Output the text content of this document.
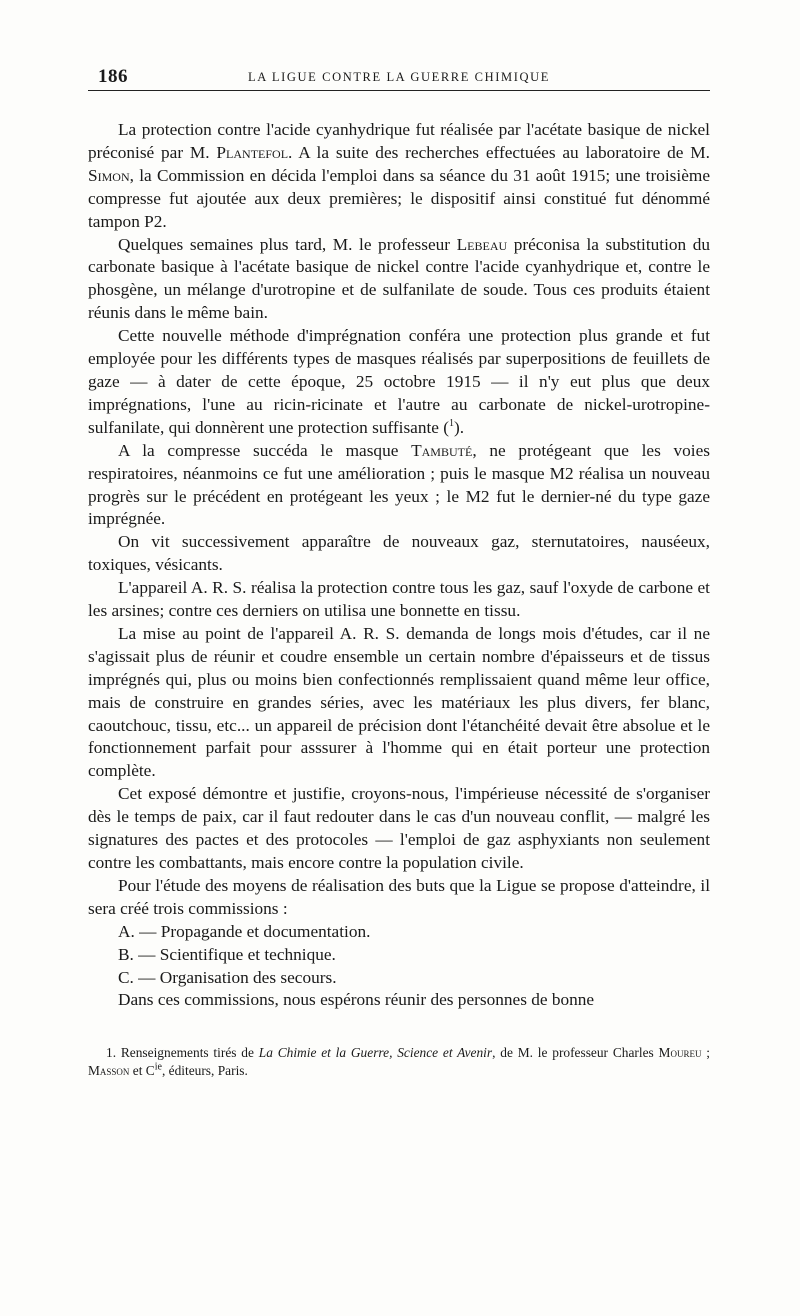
186	LA LIGUE CONTRE LA GUERRE CHIMIQUE

La protection contre l'acide cyanhydrique fut réalisée par l'acétate basique de nickel préconisé par M. Plantefol. A la suite des recherches effectuées au laboratoire de M. Simon, la Commission en décida l'emploi dans sa séance du 31 août 1915; une troisième compresse fut ajoutée aux deux premières; le dispositif ainsi constitué fut dénommé tampon P2.

Quelques semaines plus tard, M. le professeur Lebeau préconisa la substitution du carbonate basique à l'acétate basique de nickel contre l'acide cyanhydrique et, contre le phosgène, un mélange d'urotropine et de sulfanilate de soude. Tous ces produits étaient réunis dans le même bain.

Cette nouvelle méthode d'imprégnation conféra une protection plus grande et fut employée pour les différents types de masques réalisés par superpositions de feuillets de gaze — à dater de cette époque, 25 octobre 1915 — il n'y eut plus que deux imprégnations, l'une au ricin-ricinate et l'autre au carbonate de nickel-urotropine-sulfanilate, qui donnèrent une protection suffisante ($^1$).

A la compresse succéda le masque Tambuté, ne protégeant que les voies respiratoires, néanmoins ce fut une amélioration ; puis le masque M2 réalisa un nouveau progrès sur le précédent en protégeant les yeux ; le M2 fut le dernier-né du type gaze imprégnée.

On vit successivement apparaître de nouveaux gaz, sternutatoires, nauséeux, toxiques, vésicants.

L'appareil A. R. S. réalisa la protection contre tous les gaz, sauf l'oxyde de carbone et les arsines; contre ces derniers on utilisa une bonnette en tissu.

La mise au point de l'appareil A. R. S. demanda de longs mois d'études, car il ne s'agissait plus de réunir et coudre ensemble un certain nombre d'épaisseurs et de tissus imprégnés qui, plus ou moins bien confectionnés remplissaient quand même leur office, mais de construire en grandes séries, avec les matériaux les plus divers, fer blanc, caoutchouc, tissu, etc... un appareil de précision dont l'étanchéité devait être absolue et le fonctionnement parfait pour asssurer à l'homme qui en était porteur une protection complète.

Cet exposé démontre et justifie, croyons-nous, l'impérieuse nécessité de s'organiser dès le temps de paix, car il faut redouter dans le cas d'un nouveau conflit, — malgré les signatures des pactes et des protocoles — l'emploi de gaz asphyxiants non seulement contre les combattants, mais encore contre la population civile.

Pour l'étude des moyens de réalisation des buts que la Ligue se propose d'atteindre, il sera créé trois commissions :

A. — Propagande et documentation.

B. — Scientifique et technique.

C. — Organisation des secours.

Dans ces commissions, nous espérons réunir des personnes de bonne

1. Renseignements tirés de La Chimie et la Guerre, Science et Avenir, de M. le professeur Charles Moureu ; Masson et $C^{ie}$, éditeurs, Paris.
